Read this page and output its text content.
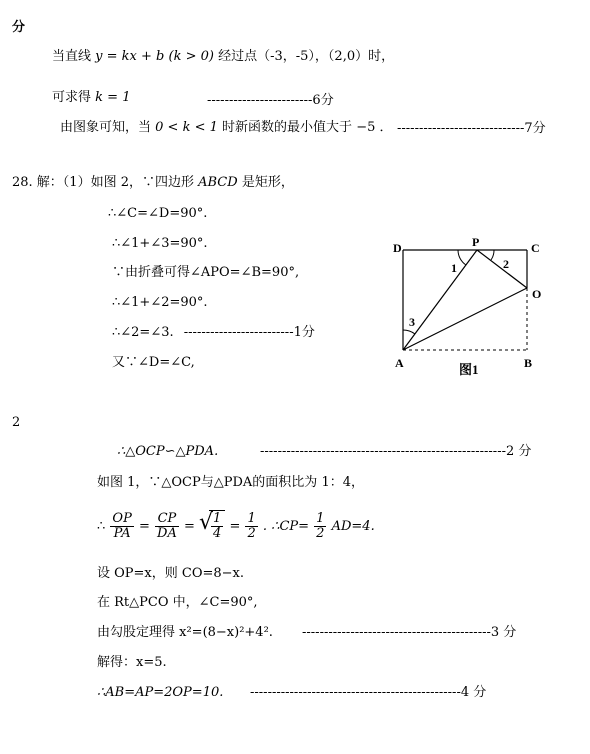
分
当直线 y = kx + b (k > 0) 经过点（-3，-5），（2,0）时，
可求得 k = 1	------------------------6分
由图象可知，当 0 < k < 1 时新函数的最小值大于 −5 ． -----------------------------7分
28. 解：（1）如图 2，∵四边形 ABCD 是矩形，
∴∠C=∠D=90°.
∴∠1+∠3=90°.
∵由折叠可得∠APO=∠B=90°,
∴∠1+∠2=90°.
∴∠2=∠3. -------------------------1分
又∵∠D=∠C,
D	P	C
O
A	B
1	2
3
图1
2
∴△OCP∽△PDA.	--------------------------------------------------------2 分
如图 1，∵△OCP与△PDA的面积比为 1：4，
∴ $\frac{OP}{PA} = \frac{CP}{DA}$ = √
$\frac{1}{4} = \frac{1}{2}$ . ∴CP= $\frac{1}{2} AD=4$.
设 OP=x，则 CO=8−x.
在 Rt△PCO 中，∠C=90°,
由勾股定理得 x²=(8−x)²+4². -------------------------------------------3 分
解得：x=5.
∴AB=AP=2OP=10. ------------------------------------------------4 分
